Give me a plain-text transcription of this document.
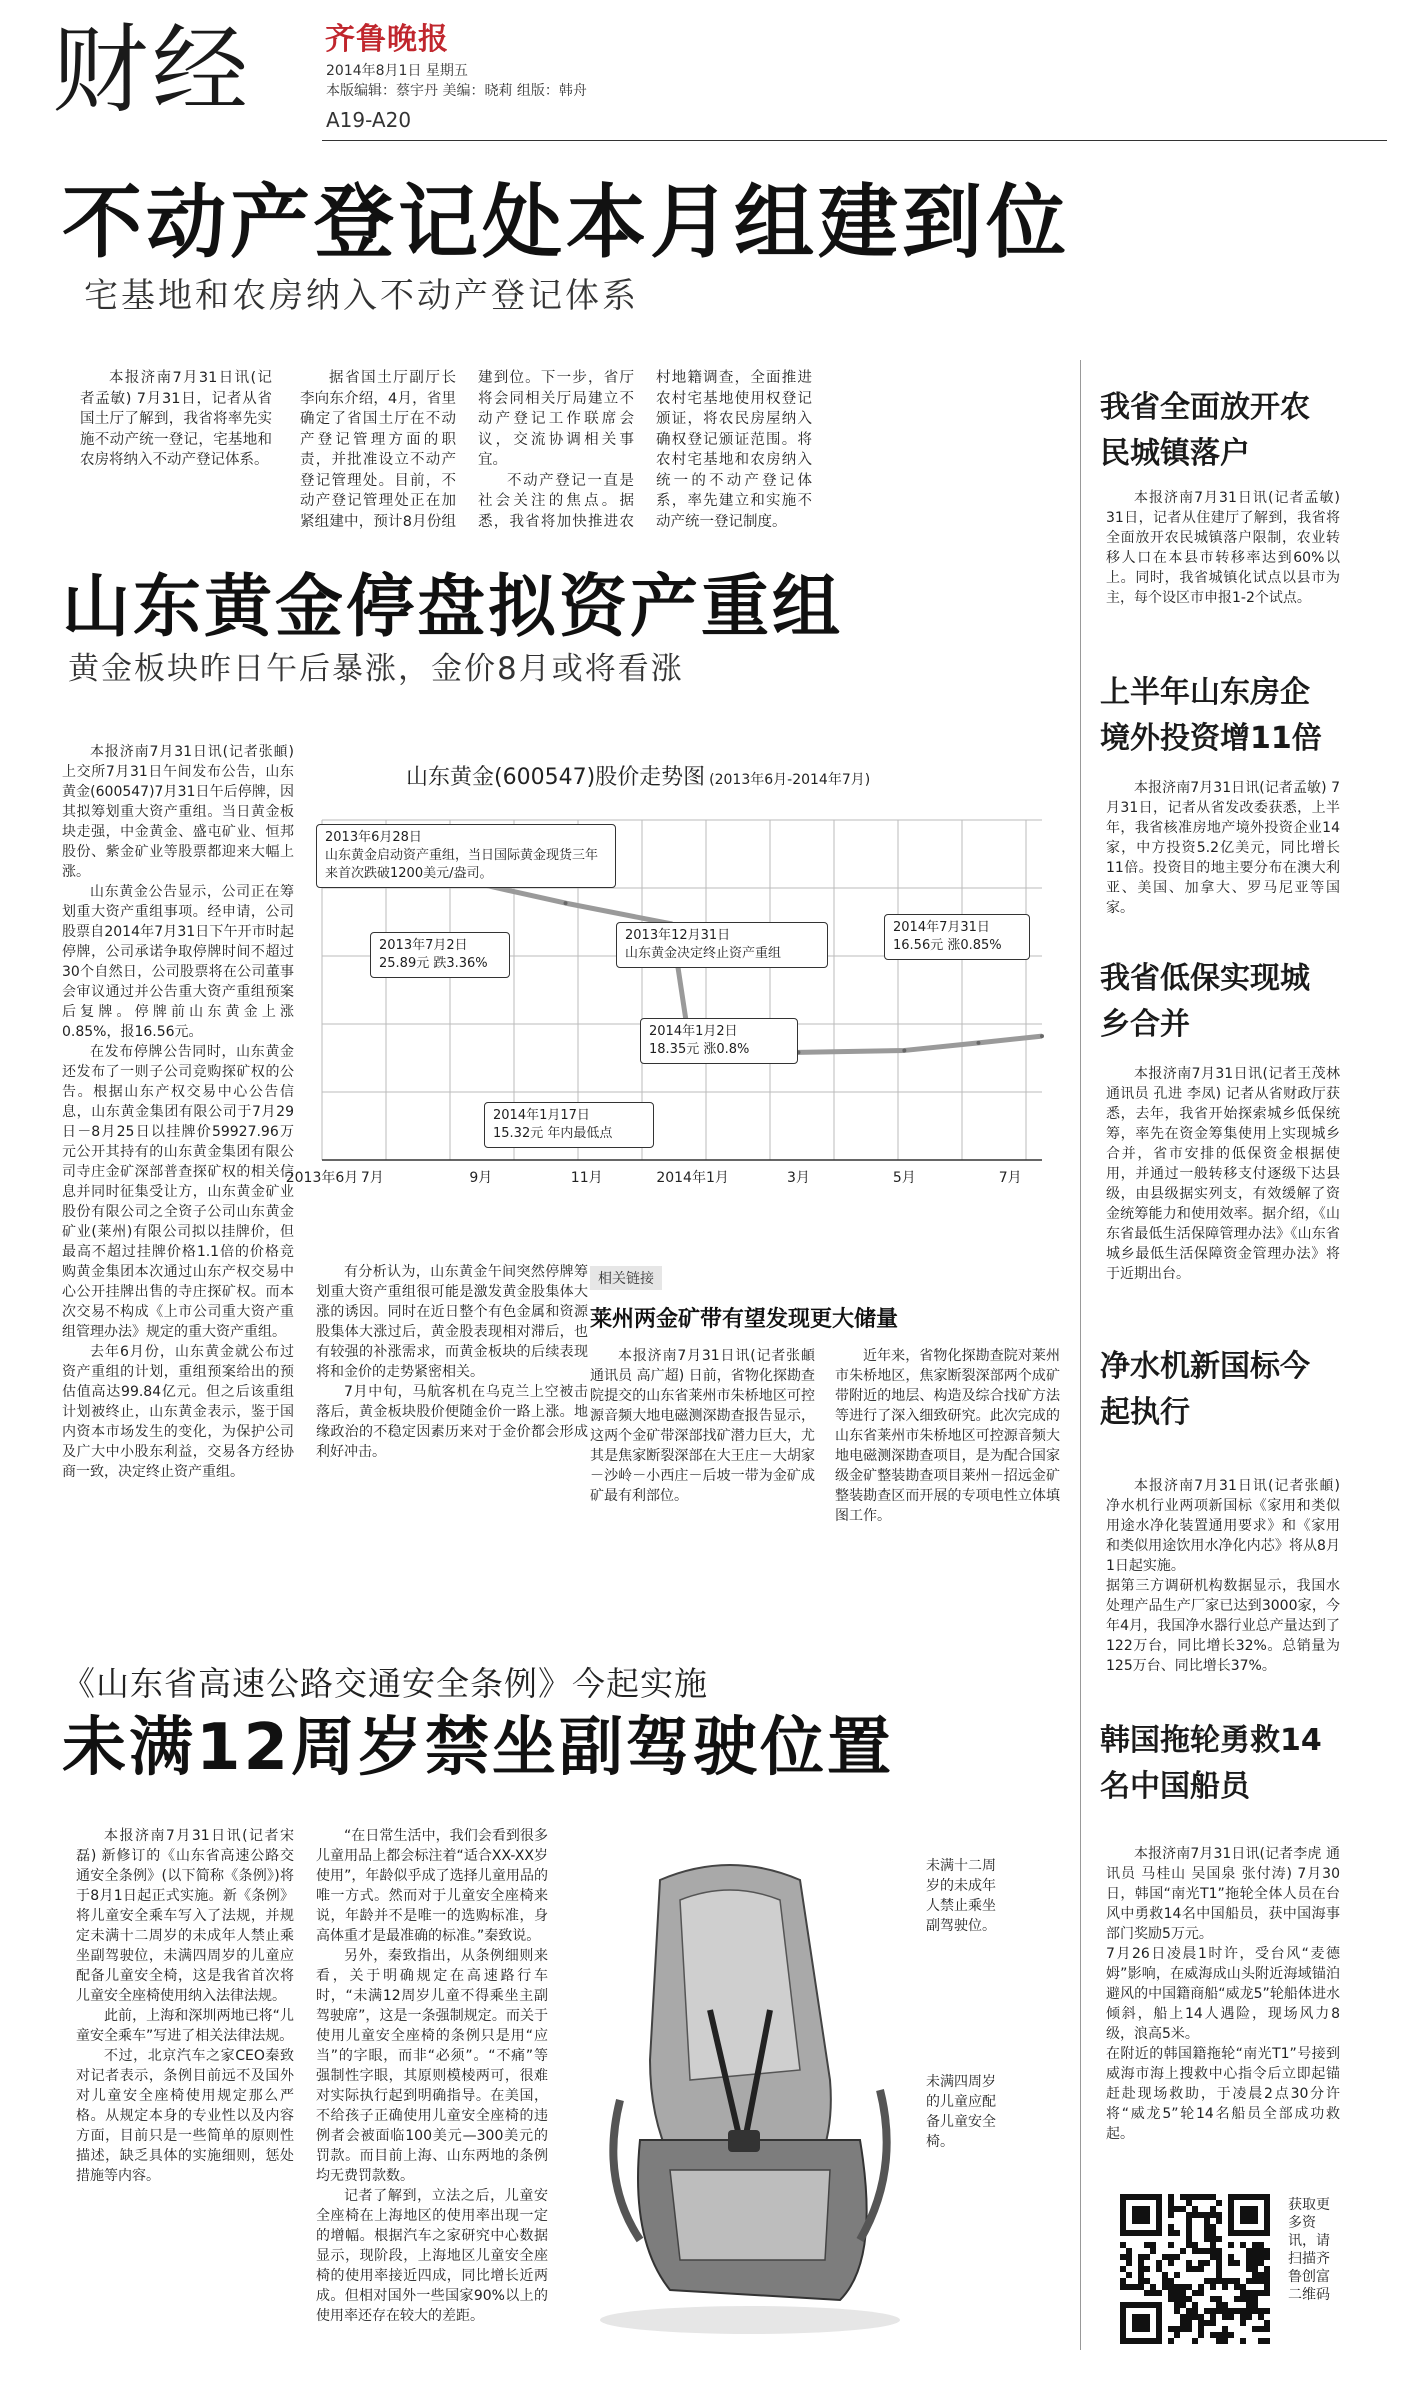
财经 齐鲁晚报
2014年8月1日 星期五
本版编辑：蔡宇丹 美编：晓莉 组版：韩舟
A19-A20
不动产登记处本月组建到位
宅基地和农房纳入不动产登记体系

本报济南7月31日讯(记者孟敏) 7月31日，记者从省国土厅了解到，我省将率先实施不动产统一登记，宅基地和农房将纳入不动产登记体系。

据省国土厅副厅长李向东介绍，4月，省里确定了省国土厅在不动产登记管理方面的职责，并批准设立不动产登记管理处。目前，不动产登记管理处正在加紧组建中，预计8月份组建到位。下一步，省厅将会同相关厅局建立不动产登记工作联席会议，交流协调相关事宜。

不动产登记一直是社会关注的焦点。据悉，我省将加快推进农村地籍调查，全面推进农村宅基地使用权登记颁证，将农民房屋纳入确权登记颁证范围。将农村宅基地和农房纳入统一的不动产登记体系，率先建立和实施不动产统一登记制度。

山东黄金停盘拟资产重组
黄金板块昨日午后暴涨，金价8月或将看涨

本报济南7月31日讯(记者张頔) 上交所7月31日午间发布公告，山东黄金(600547)7月31日午后停牌，因其拟筹划重大资产重组。当日黄金板块走强，中金黄金、盛屯矿业、恒邦股份、紫金矿业等股票都迎来大幅上涨。

山东黄金公告显示，公司正在筹划重大资产重组事项。经申请，公司股票自2014年7月31日下午开市时起停牌，公司承诺争取停牌时间不超过30个自然日，公司股票将在公司董事会审议通过并公告重大资产重组预案后复牌。停牌前山东黄金上涨0.85%，报16.56元。

在发布停牌公告同时，山东黄金还发布了一则子公司竞购探矿权的公告。根据山东产权交易中心公告信息，山东黄金集团有限公司于7月29日－8月25日以挂牌价59927.96万元公开其持有的山东黄金集团有限公司寺庄金矿深部普查探矿权的相关信息并同时征集受让方，山东黄金矿业股份有限公司之全资子公司山东黄金矿业(莱州)有限公司拟以挂牌价，但最高不超过挂牌价格1.1倍的价格竞购黄金集团本次通过山东产权交易中心公开挂牌出售的寺庄探矿权。而本次交易不构成《上市公司重大资产重组管理办法》规定的重大资产重组。

去年6月份，山东黄金就公布过资产重组的计划，重组预案给出的预估值高达99.84亿元。但之后该重组计划被终止，山东黄金表示，鉴于国内资本市场发生的变化，为保护公司及广大中小股东利益，交易各方经协商一致，决定终止资产重组。

有分析认为，山东黄金午间突然停牌筹划重大资产重组很可能是激发黄金股集体大涨的诱因。同时在近日整个有色金属和资源股集体大涨过后，黄金股表现相对滞后，也有较强的补涨需求，而黄金板块的后续表现将和金价的走势紧密相关。

7月中旬，马航客机在乌克兰上空被击落后，黄金板块股价便随金价一路上涨。地缘政治的不稳定因素历来对于金价都会形成利好冲击。

山东黄金(600547)股价走势图 (2013年6月-2014年7月)
2013年6月 7月	9月	11月	2014年1月	3月	5月	7月
2013年6月28日
山东黄金启动资产重组，当日国际黄金现货三年来首次跌破1200美元/盎司。
2013年7月2日
25.89元 跌3.36%
2013年12月31日
山东黄金决定终止资产重组
2014年7月31日
16.56元 涨0.85%
2014年1月2日
18.35元 涨0.8%
2014年1月17日
15.32元 年内最低点
相关链接
莱州两金矿带有望发现更大储量

本报济南7月31日讯(记者张頔 通讯员 高广超) 日前，省物化探勘查院提交的山东省莱州市朱桥地区可控源音频大地电磁测深勘查报告显示，这两个金矿带深部找矿潜力巨大，尤其是焦家断裂深部在大王庄－大胡家－沙岭－小西庄－后坡一带为金矿成矿最有利部位。

近年来，省物化探勘查院对莱州市朱桥地区，焦家断裂深部两个成矿带附近的地层、构造及综合找矿方法等进行了深入细致研究。此次完成的山东省莱州市朱桥地区可控源音频大地电磁测深勘查项目，是为配合国家级金矿整装勘查项目莱州－招远金矿整装勘查区而开展的专项电性立体填图工作。

《山东省高速公路交通安全条例》今起实施
未满12周岁禁坐副驾驶位置

本报济南7月31日讯(记者宋磊) 新修订的《山东省高速公路交通安全条例》(以下简称《条例》)将于8月1日起正式实施。新《条例》将儿童安全乘车写入了法规，并规定未满十二周岁的未成年人禁止乘坐副驾驶位，未满四周岁的儿童应配备儿童安全椅，这是我省首次将儿童安全座椅使用纳入法律法规。

此前，上海和深圳两地已将“儿童安全乘车”写进了相关法律法规。

不过，北京汽车之家CEO秦致对记者表示，条例目前远不及国外对儿童安全座椅使用规定那么严格。从规定本身的专业性以及内容方面，目前只是一些简单的原则性描述，缺乏具体的实施细则，惩处措施等内容。

“在日常生活中，我们会看到很多儿童用品上都会标注着“适合XX-XX岁使用”，年龄似乎成了选择儿童用品的唯一方式。然而对于儿童安全座椅来说，年龄并不是唯一的选购标准，身高体重才是最准确的标准。”秦致说。

另外，秦致指出，从条例细则来看，关于明确规定在高速路行车时，“未满12周岁儿童不得乘坐主副驾驶席”，这是一条强制规定。而关于使用儿童安全座椅的条例只是用“应当”的字眼，而非“必须”。“不痛”等强制性字眼，其原则模棱两可，很难对实际执行起到明确指导。在美国，不给孩子正确使用儿童安全座椅的违例者会被面临100美元—300美元的罚款。而目前上海、山东两地的条例均无费罚款数。

记者了解到，立法之后，儿童安全座椅在上海地区的使用率出现一定的增幅。根据汽车之家研究中心数据显示，现阶段，上海地区儿童安全座椅的使用率接近四成，同比增长近两成。但相对国外一些国家90%以上的使用率还存在较大的差距。

未满十二周岁的未成年人禁止乘坐副驾驶位。
未满四周岁的儿童应配备儿童安全椅。
我省全面放开农民城镇落户

本报济南7月31日讯(记者孟敏) 31日，记者从住建厅了解到，我省将全面放开农民城镇落户限制，农业转移人口在本县市转移率达到60%以上。同时，我省城镇化试点以县市为主，每个设区市申报1-2个试点。

上半年山东房企境外投资增11倍

本报济南7月31日讯(记者孟敏) 7月31日，记者从省发改委获悉，上半年，我省核准房地产境外投资企业14家，中方投资5.2亿美元，同比增长11倍。投资目的地主要分布在澳大利亚、美国、加拿大、罗马尼亚等国家。

我省低保实现城乡合并

本报济南7月31日讯(记者王茂林 通讯员 孔进 李凤) 记者从省财政厅获悉，去年，我省开始探索城乡低保统筹，率先在资金筹集使用上实现城乡合并，省市安排的低保资金根据使用，并通过一般转移支付逐级下达县级，由县级据实列支，有效缓解了资金统筹能力和使用效率。据介绍，《山东省最低生活保障管理办法》《山东省城乡最低生活保障资金管理办法》将于近期出台。

净水机新国标今起执行

本报济南7月31日讯(记者张頔) 净水机行业两项新国标《家用和类似用途水净化装置通用要求》和《家用和类似用途饮用水净化内芯》将从8月1日起实施。
据第三方调研机构数据显示，我国水处理产品生产厂家已达到3000家，今年4月，我国净水器行业总产量达到了122万台，同比增长32%。总销量为125万台、同比增长37%。

韩国拖轮勇救14名中国船员

本报济南7月31日讯(记者李虎 通讯员 马桂山 吴国泉 张付涛) 7月30日，韩国“南光T1”拖轮全体人员在台风中勇救14名中国船员，获中国海事部门奖励5万元。
7月26日凌晨1时许，受台风“麦德姆”影响，在威海成山头附近海域锚泊避风的中国籍商船“威龙5”轮船体进水倾斜，船上14人遇险，现场风力8级，浪高5米。
在附近的韩国籍拖轮“南光T1”号接到威海市海上搜救中心指令后立即起锚赶赴现场救助，于凌晨2点30分许将“威龙5”轮14名船员全部成功救起。

获取更多资讯，请扫描齐鲁创富二维码
